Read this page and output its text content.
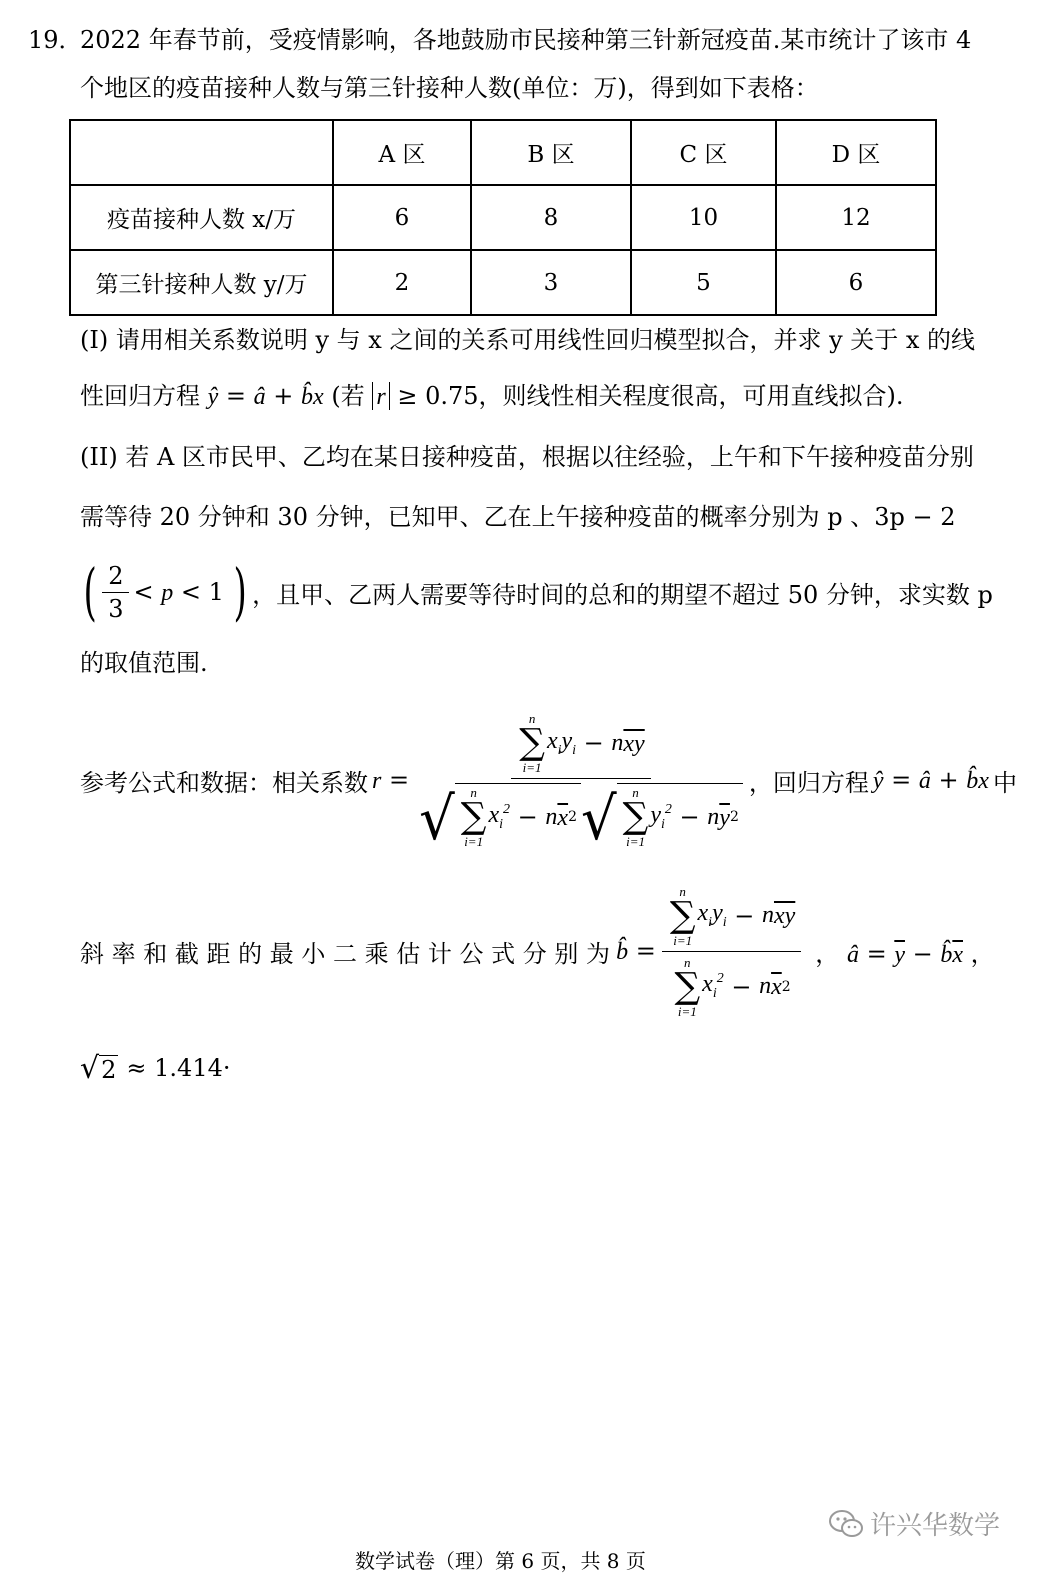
19．
2022 年春节前，受疫情影响，各地鼓励市民接种第三针新冠疫苗.某市统计了该市 4
个地区的疫苗接种人数与第三针接种人数(单位：万)，得到如下表格：
	A 区	B 区	C 区	D 区
疫苗接种人数 x/万	6	8	10	12
第三针接种人数 y/万	2	3	5	6
(I) 请用相关系数说明 y 与 x 之间的关系可用线性回归模型拟合，并求 y 关于 x 的线
性回归方程 ŷ = â + b̂x (若 r ≥ 0.75，则线性相关程度很高，可用直线拟合).
(II) 若 A 区市民甲、乙均在某日接种疫苗，根据以往经验，上午和下午接种疫苗分别
需等待 20 分钟和 30 分钟，已知甲、乙在上午接种疫苗的概率分别为 p 、3p − 2
( $\frac{2}{3} < p < 1$ ) ，且甲、乙两人需要等待时间的总和的期望不超过 50 分钟，求实数 p
的取值范围.
参考公式和数据：相关系数 r =
n
∑
i=1
$x_iy_i - n$ $\overline{xy}$
√ n
∑
i=1
$x_i^2 - n$ $\overline{x}$ 2 √ n
∑
i=1
$y_i^2 - n$ $\overline{y}$ 2
，回归方程 ŷ = â + b̂x 中
斜 率 和 截 距 的 最 小 二 乘 估 计 公 式 分 别 为 b̂ = n
∑
i=1
$x_iy_i - n$ $\overline{xy}$
n
∑
i=1
$x_i^2 - n$ $\overline{x}$ 2 ， â = $\overline{y}$ − $b̂\overline{x}$ ，
√2 ≈ 1.414 ·
许兴华数学
数学试卷（理）第 6 页，共 8 页
